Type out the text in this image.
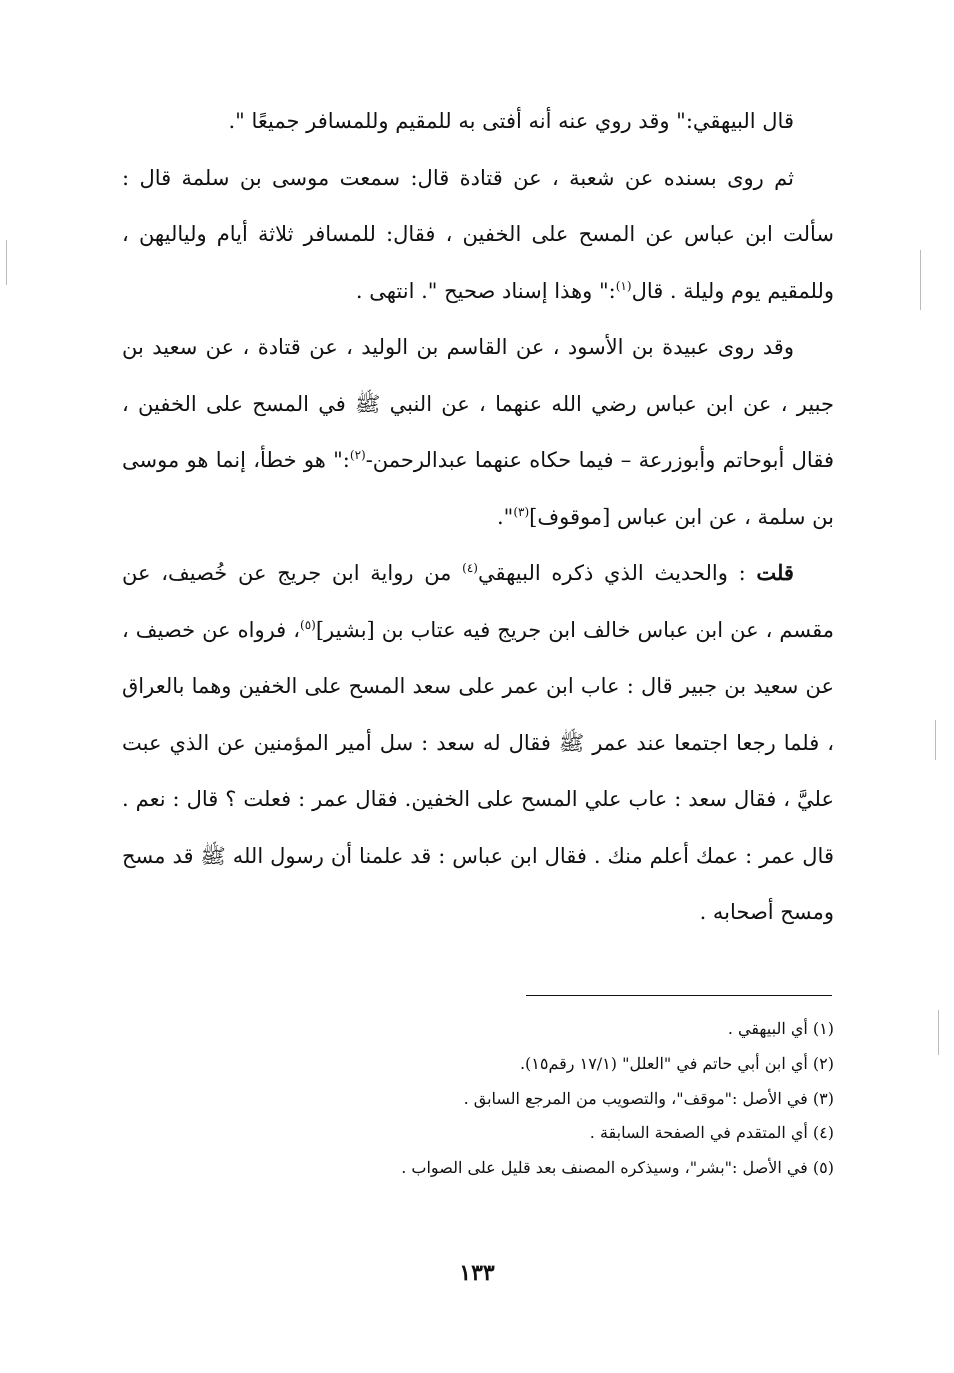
قال البيهقي:" وقد روي عنه أنه أفتى به للمقيم وللمسافر جميعًا ".

ثم روى بسنده عن شعبة ، عن قتادة قال: سمعت موسى بن سلمة قال : سألت ابن عباس عن المسح على الخفين ، فقال: للمسافر ثلاثة أيام ولياليهن ، وللمقيم يوم وليلة . قال$^{(١)}$:" وهذا إسناد صحيح ". انتهى .

وقد روى عبيدة بن الأسود ، عن القاسم بن الوليد ، عن قتادة ، عن سعيد بن جبير ، عن ابن عباس رضي الله عنهما ، عن النبي ﷺ في المسح على الخفين ، فقال أبوحاتم وأبوزرعة – فيما حكاه عنهما عبدالرحمن-$^{(٢)}$:" هو خطأ، إنما هو موسى بن سلمة ، عن ابن عباس [موقوف]$^{(٣)}$".

قلت : والحديث الذي ذكره البيهقي$^{(٤)}$ من رواية ابن جريج عن خُصيف، عن مقسم ، عن ابن عباس خالف ابن جريج فيه عتاب بن [بشير]$^{(٥)}$، فرواه عن خصيف ، عن سعيد بن جبير قال : عاب ابن عمر على سعد المسح على الخفين وهما بالعراق ، فلما رجعا اجتمعا عند عمر ﷺ فقال له سعد : سل أمير المؤمنين عن الذي عبت عليَّ ، فقال سعد : عاب علي المسح على الخفين. فقال عمر : فعلت ؟ قال : نعم . قال عمر : عمك أعلم منك . فقال ابن عباس : قد علمنا أن رسول الله ﷺ قد مسح ومسح أصحابه .

(١) أي البيهقي .

(٢) أي ابن أبي حاتم في "العلل" (١٧/١ رقم١٥).

(٣) في الأصل :"موقف"، والتصويب من المرجع السابق .

(٤) أي المتقدم في الصفحة السابقة .

(٥) في الأصل :"بشر"، وسيذكره المصنف بعد قليل على الصواب .

١٣٣
